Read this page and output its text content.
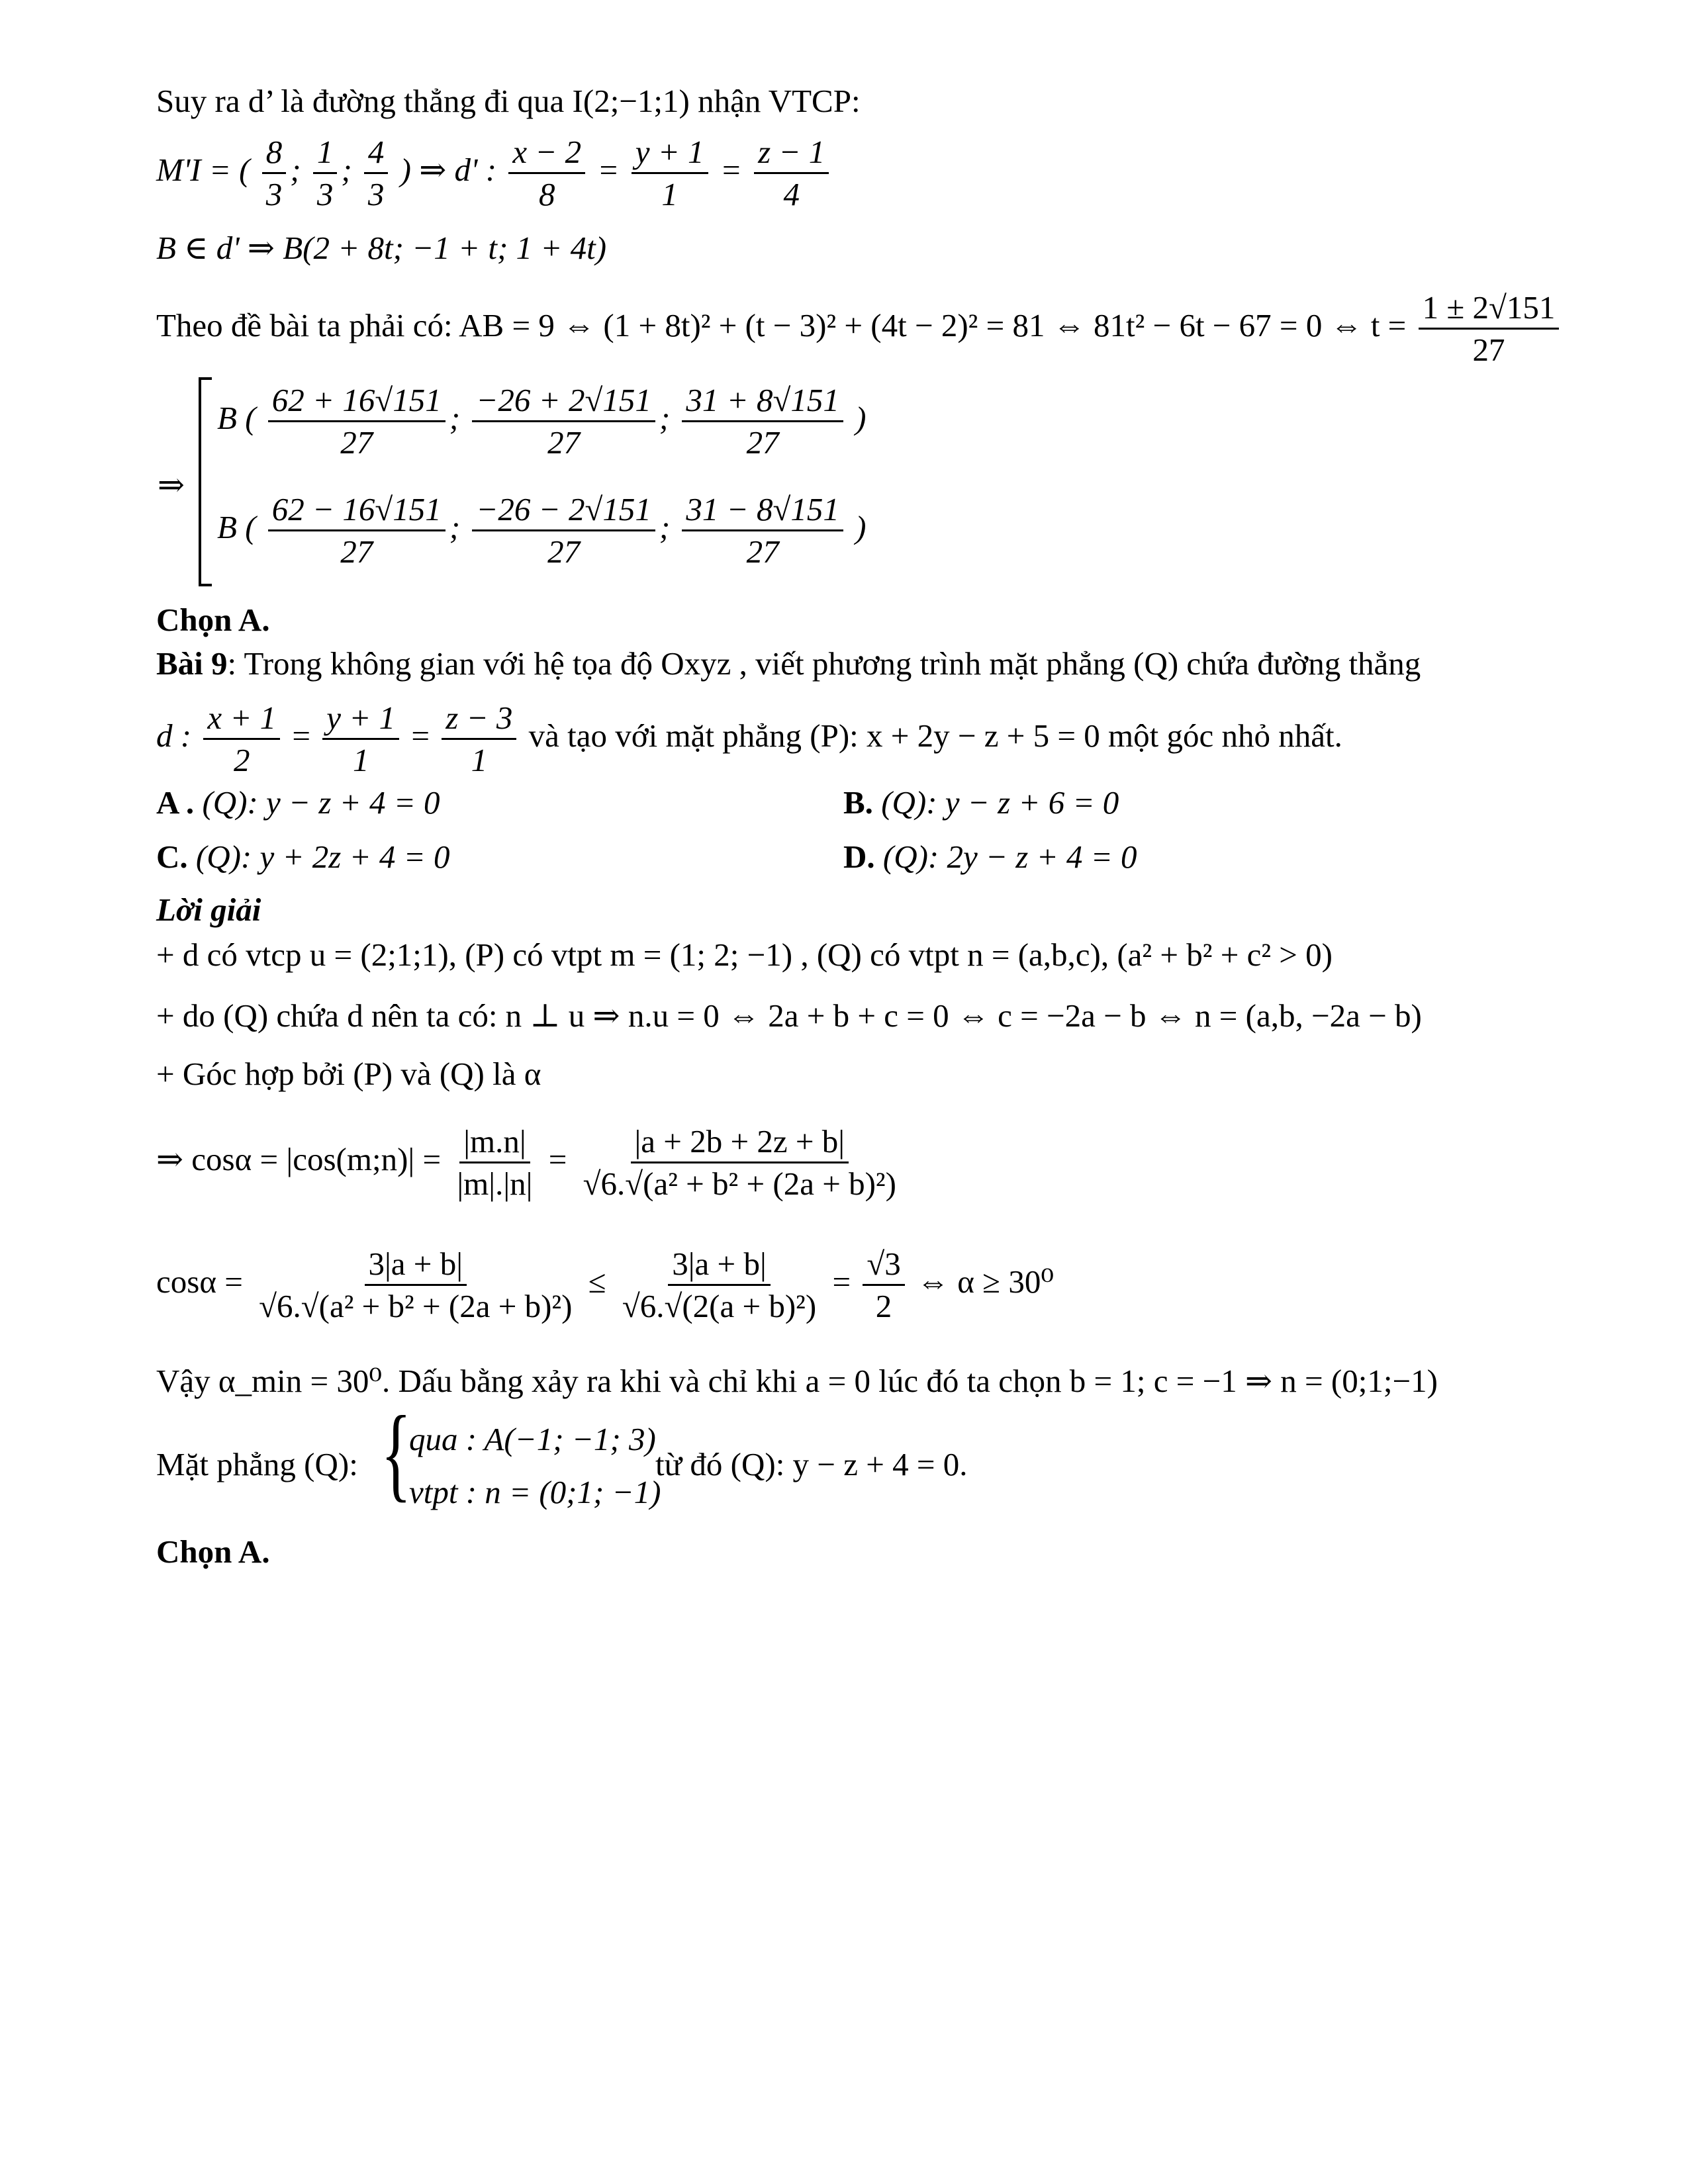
Suy ra d’ là đường thẳng đi qua I(2;−1;1) nhận VTCP:
M'I = ( $\frac{8}{3}$ ; $\frac{1}{3}$ ; $\frac{4}{3}$ ) ⇒ d' : $\frac{x - 2}{8} = \frac{y + 1}{1} = \frac{z - 1}{4}$
B ∈ d' ⇒ B(2 + 8t; −1 + t; 1 + 4t)
Theo đề bài ta phải có: AB = 9 ⇔ (1 + 8t)² + (t − 3)² + (4t − 2)² = 81 ⇔ 81t² − 6t − 67 = 0 ⇔ $t = \frac{1 \pm 2√151}{27}$
⇒
B ( $\frac{62 + 16√151}{27}$ ; $\frac{-26 + 2√151}{27}$ ; $\frac{31 + 8√151}{27}$ )
B ( $\frac{62 - 16√151}{27}$ ; $\frac{-26 - 2√151}{27}$ ; $\frac{31 - 8√151}{27}$ )
Chọn A.
Bài 9: Trong không gian với hệ tọa độ Oxyz , viết phương trình mặt phẳng (Q) chứa đường thẳng
d : $\frac{x + 1}{2} = \frac{y + 1}{1} = \frac{z - 3}{1}$ và tạo với mặt phẳng (P): x + 2y − z + 5 = 0 một góc nhỏ nhất.
A . (Q): y − z + 4 = 0	B. (Q): y − z + 6 = 0
C. (Q): y + 2z + 4 = 0	D. (Q): 2y − z + 4 = 0
Lời giải
+ d có vtcp u = (2;1;1), (P) có vtpt m = (1; 2; −1) , (Q) có vtpt n = (a,b,c), (a² + b² + c² > 0)
+ do (Q) chứa d nên ta có: n ⊥ u ⇒ n.u = 0 ⇔ 2a + b + c = 0 ⇔ c = −2a − b ⇔ n = (a,b, −2a − b)
+ Góc hợp bởi (P) và (Q) là α
⇒ cosα = |cos(m;n)| = $\frac{|m.n|}{|m|.|n|} = \frac{|a + 2b + 2z + b|}{\text{√6.√(a² + b² + (2a + b)²)}}$
$\cos\alpha = \frac{3|a + b|}{\text{√6.√(a² + b² + (2a + b)²)}} \le \frac{3|a + b|}{\text{√6.√(2(a + b)²)}} = \frac{√3}{2}$ ⇔ α ≥ 30⁰
Vậy α_min = 30⁰. Dấu bằng xảy ra khi và chỉ khi a = 0 lúc đó ta chọn b = 1; c = −1 ⇒ n = (0;1;−1)
Mặt phẳng (Q): {
qua : A(−1; −1; 3)
vtpt : n = (0;1; −1)
từ đó (Q): y − z + 4 = 0.
Chọn A.
